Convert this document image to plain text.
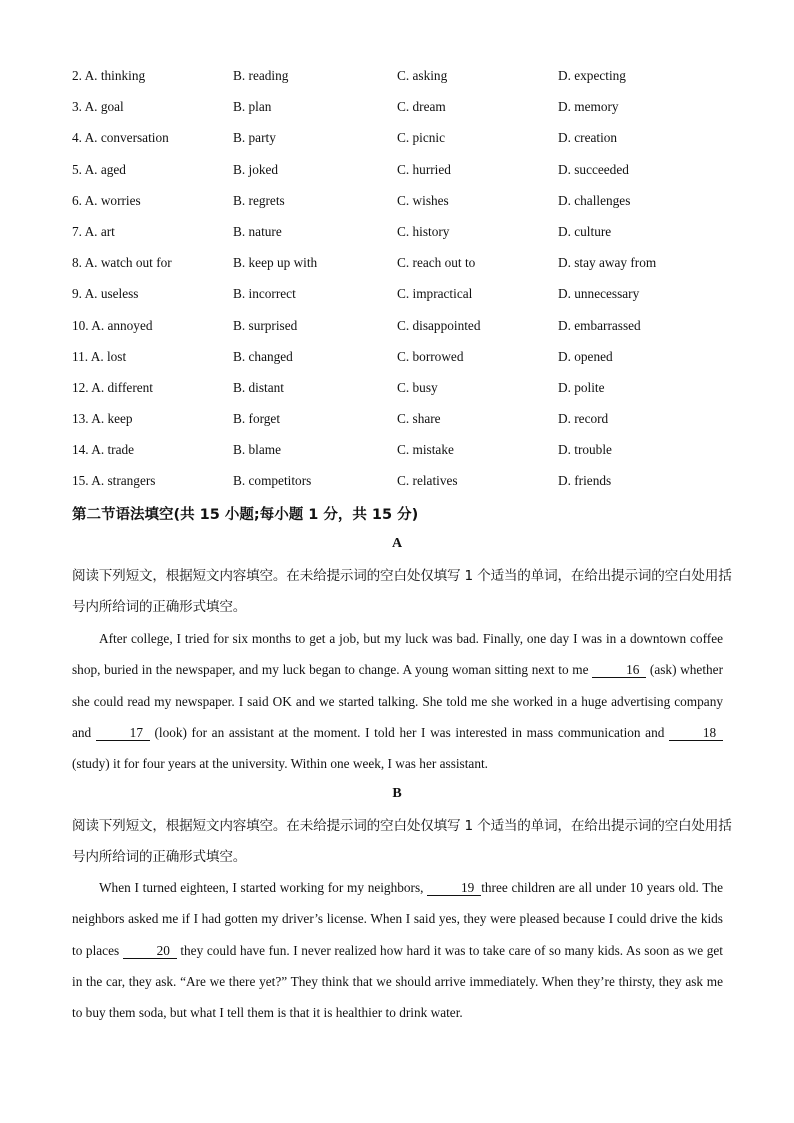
2. A. thinking	B. reading	C. asking	D. expecting
3. A. goal	B. plan	C. dream	D. memory
4. A. conversation	B. party	C. picnic	D. creation
5. A. aged	B. joked	C. hurried	D. succeeded
6. A. worries	B. regrets	C. wishes	D. challenges
7. A. art	B. nature	C. history	D. culture
8. A. watch out for	B. keep up with	C. reach out to	D. stay away from
9. A. useless	B. incorrect	C. impractical	D. unnecessary
10. A. annoyed	B. surprised	C. disappointed	D. embarrassed
11. A. lost	B. changed	C. borrowed	D. opened
12. A. different	B. distant	C. busy	D. polite
13. A. keep	B. forget	C. share	D. record
14. A. trade	B. blame	C. mistake	D. trouble
15. A. strangers	B. competitors	C. relatives	D. friends
第二节语法填空(共 15 小题;每小题 1 分，共 15 分)
A
阅读下列短文，根据短文内容填空。在未给提示词的空白处仅填写 1 个适当的单词，在给出提示词的空白处用括号内所给词的正确形式填空。
After college, I tried for six months to get a job, but my luck was bad. Finally, one day I was in a downtown coffee shop, buried in the newspaper, and my luck began to change. A young woman sitting next to me	16 (ask) whether she could read my newspaper. I said OK and we started talking. She told me she worked in a huge advertising company and	17 (look) for an assistant at the moment. I told her I was interested in mass communication and	18 (study) it for four years at the university. Within one week, I was her assistant.
B
阅读下列短文，根据短文内容填空。在未给提示词的空白处仅填写 1 个适当的单词，在给出提示词的空白处用括号内所给词的正确形式填空。
When I turned eighteen, I started working for my neighbors,	19 three children are all under 10 years old. The neighbors asked me if I had gotten my driver’s license. When I said yes, they were pleased because I could drive the kids to places	20 they could have fun. I never realized how hard it was to take care of so many kids. As soon as we get in the car, they ask. “Are we there yet?” They think that we should arrive immediately. When they’re thirsty, they ask me to buy them soda, but what I tell them is that it is healthier to drink water.
